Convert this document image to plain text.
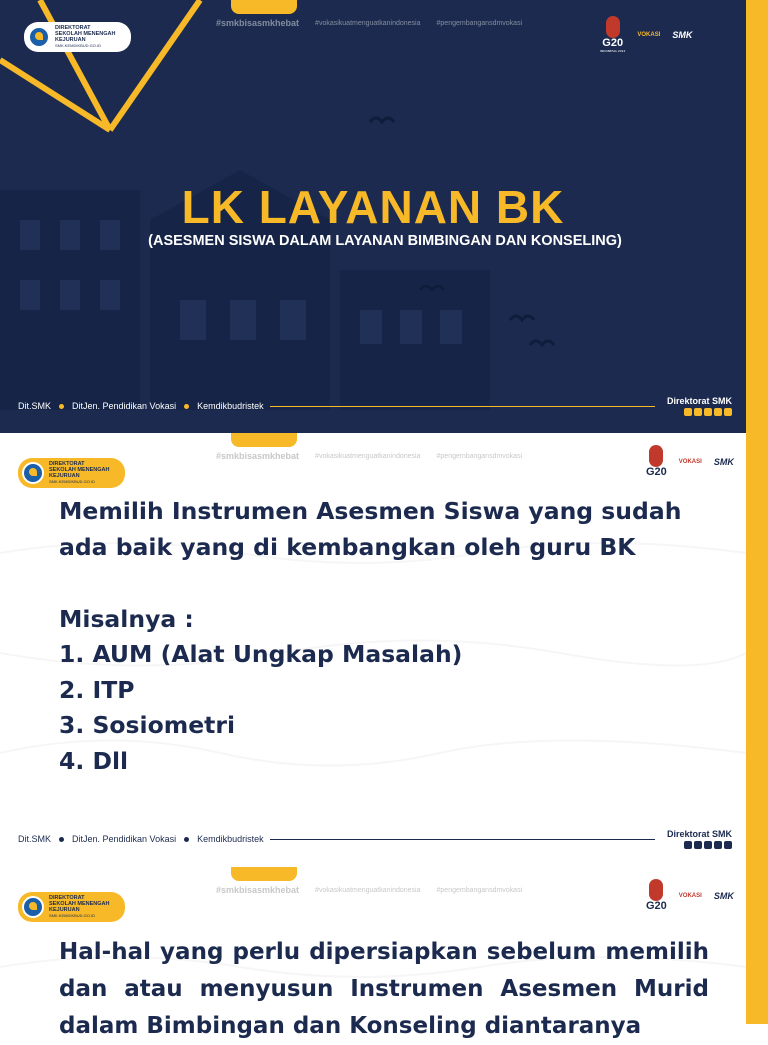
DIREKTORAT
SEKOLAH MENENGAH KEJURUAN
SMK.KEMDIKBUD.GO.ID
#smkbisasmkhebat #vokasikuatmenguatkanindonesia #pengembangansdmvokasi
G20
INDONESIA 2022
VOKASI SMK
LK LAYANAN BK
(ASESMEN SISWA DALAM LAYANAN BIMBINGAN DAN KONSELING)
Dit.SMK DitJen. Pendidikan Vokasi Kemdikbudristek	Direktorat SMK
DIREKTORAT
SEKOLAH MENENGAH KEJURUAN
SMK.KEMDIKBUD.GO.ID
#smkbisasmkhebat #vokasikuatmenguatkanindonesia #pengembangansdmvokasi
G20
VOKASI SMK

Memilih Instrumen Asesmen Siswa yang sudah ada baik yang di kembangkan oleh guru BK

Misalnya :

1. AUM (Alat Ungkap Masalah)
2. ITP
3. Sosiometri
4. Dll
Dit.SMK DitJen. Pendidikan Vokasi Kemdikbudristek	Direktorat SMK
DIREKTORAT
SEKOLAH MENENGAH KEJURUAN
SMK.KEMDIKBUD.GO.ID
#smkbisasmkhebat #vokasikuatmenguatkanindonesia #pengembangansdmvokasi
G20
VOKASI SMK

Hal-hal yang perlu dipersiapkan sebelum memilih dan atau menyusun Instrumen Asesmen Murid dalam Bimbingan dan Konseling diantaranya
